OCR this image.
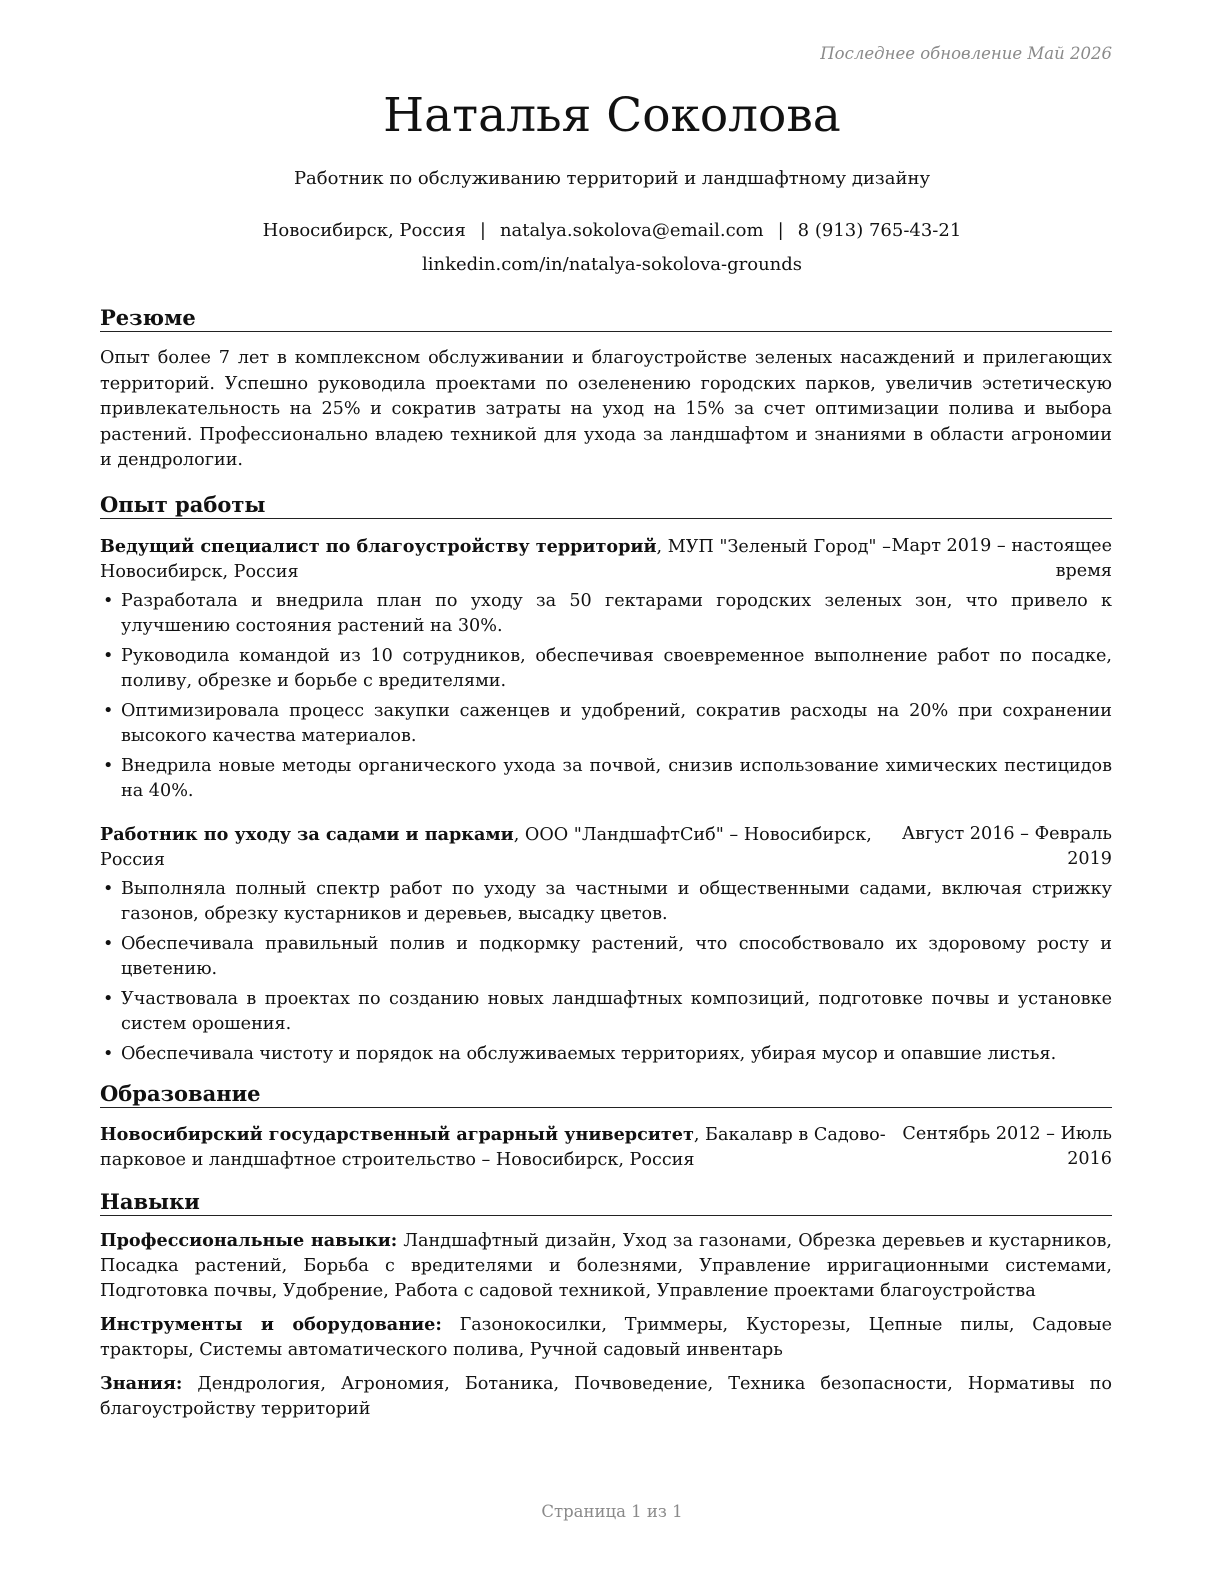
Последнее обновление Май 2026
Наталья Соколова
Работник по обслуживанию территорий и ландшафтному дизайну
Новосибирск, Россия | natalya.sokolova@email.com | 8 (913) 765-43-21
linkedin.com/in/natalya-sokolova-grounds
Резюме

Опыт более 7 лет в комплексном обслуживании и благоустройстве зеленых насаждений и прилегающих территорий. Успешно руководила проектами по озеленению городских парков, увеличив эстетическую привлекательность на 25% и сократив затраты на уход на 15% за счет оптимизации полива и выбора растений. Профессионально владею техникой для ухода за ландшафтом и знаниями в области агрономии и дендрологии.

Опыт работы
Ведущий специалист по благоустройству территорий, МУП "Зеленый Город" –
Новосибирск, Россия
Март 2019 – настоящее
время
• Разработала и внедрила план по уходу за 50 гектарами городских зеленых зон, что привело к улучшению состояния растений на 30%.
• Руководила командой из 10 сотрудников, обеспечивая своевременное выполнение работ по посадке, поливу, обрезке и борьбе с вредителями.
• Оптимизировала процесс закупки саженцев и удобрений, сократив расходы на 20% при сохранении высокого качества материалов.
• Внедрила новые методы органического ухода за почвой, снизив использование химических пестицидов на 40%.
Работник по уходу за садами и парками, ООО "ЛандшафтСиб" – Новосибирск,
Россия
Август 2016 – Февраль
2019
• Выполняла полный спектр работ по уходу за частными и общественными садами, включая стрижку газонов, обрезку кустарников и деревьев, высадку цветов.
• Обеспечивала правильный полив и подкормку растений, что способствовало их здоровому росту и цветению.
• Участвовала в проектах по созданию новых ландшафтных композиций, подготовке почвы и установке систем орошения.
• Обеспечивала чистоту и порядок на обслуживаемых территориях, убирая мусор и опавшие листья.
Образование
Новосибирский государственный аграрный университет, Бакалавр в Садово-
парковое и ландшафтное строительство – Новосибирск, Россия
Сентябрь 2012 – Июль
2016
Навыки
Профессиональные навыки: Ландшафтный дизайн, Уход за газонами, Обрезка деревьев и кустарников, Посадка растений, Борьба с вредителями и болезнями, Управление ирригационными системами, Подготовка почвы, Удобрение, Работа с садовой техникой, Управление проектами благоустройства
Инструменты и оборудование: Газонокосилки, Триммеры, Кусторезы, Цепные пилы, Садовые тракторы, Системы автоматического полива, Ручной садовый инвентарь
Знания: Дендрология, Агрономия, Ботаника, Почвоведение, Техника безопасности, Нормативы по благоустройству территорий
Страница 1 из 1
